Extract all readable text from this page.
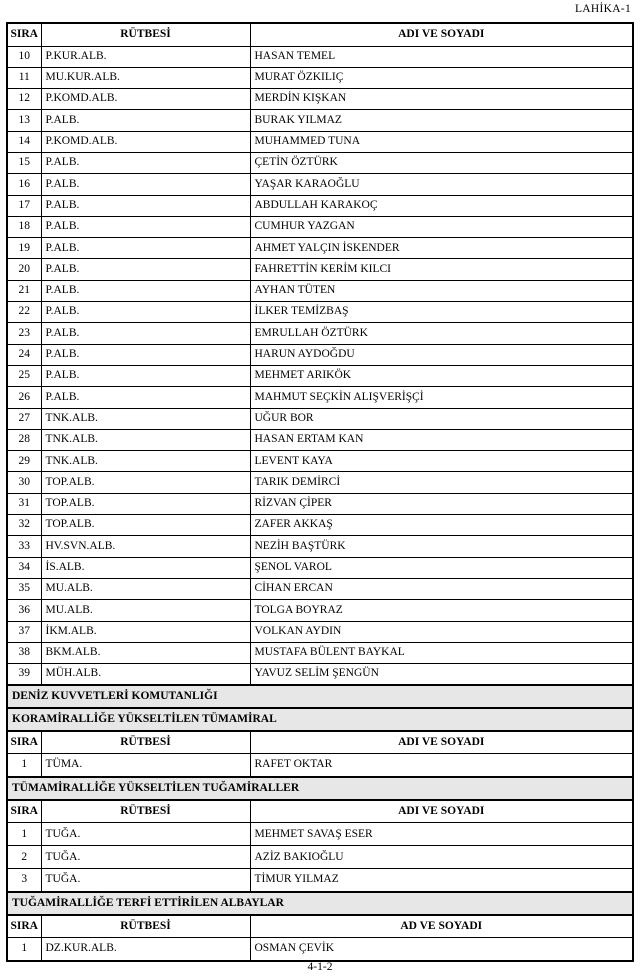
LAHİKA-1
SIRA	RÜTBESİ	ADI VE SOYADI
10	P.KUR.ALB.	HASAN TEMEL
11	MU.KUR.ALB.	MURAT ÖZKILIÇ
12	P.KOMD.ALB.	MERDİN KIŞKAN
13	P.ALB.	BURAK YILMAZ
14	P.KOMD.ALB.	MUHAMMED TUNA
15	P.ALB.	ÇETİN ÖZTÜRK
16	P.ALB.	YAŞAR KARAOĞLU
17	P.ALB.	ABDULLAH KARAKOÇ
18	P.ALB.	CUMHUR YAZGAN
19	P.ALB.	AHMET YALÇIN İSKENDER
20	P.ALB.	FAHRETTİN KERİM KILCI
21	P.ALB.	AYHAN TÜTEN
22	P.ALB.	İLKER TEMİZBAŞ
23	P.ALB.	EMRULLAH ÖZTÜRK
24	P.ALB.	HARUN AYDOĞDU
25	P.ALB.	MEHMET ARIKÖK
26	P.ALB.	MAHMUT SEÇKİN ALIŞVERİŞÇİ
27	TNK.ALB.	UĞUR BOR
28	TNK.ALB.	HASAN ERTAM KAN
29	TNK.ALB.	LEVENT KAYA
30	TOP.ALB.	TARIK DEMİRCİ
31	TOP.ALB.	RİZVAN ÇİPER
32	TOP.ALB.	ZAFER AKKAŞ
33	HV.SVN.ALB.	NEZİH BAŞTÜRK
34	İS.ALB.	ŞENOL VAROL
35	MU.ALB.	CİHAN ERCAN
36	MU.ALB.	TOLGA BOYRAZ
37	İKM.ALB.	VOLKAN AYDIN
38	BKM.ALB.	MUSTAFA BÜLENT BAYKAL
39	MÜH.ALB.	YAVUZ SELİM ŞENGÜN
DENİZ KUVVETLERİ KOMUTANLIĞI		
KORAMİRALLİĞE YÜKSELTİLEN TÜMAMİRAL		
SIRA	RÜTBESİ	ADI VE SOYADI
1	TÜMA.	RAFET OKTAR
TÜMAMİRALLİĞE YÜKSELTİLEN TUĞAMİRALLER		
SIRA	RÜTBESİ	ADI VE SOYADI
1	TUĞA.	MEHMET SAVAŞ ESER
2	TUĞA.	AZİZ BAKIOĞLU
3	TUĞA.	TİMUR YILMAZ
TUĞAMİRALLİĞE TERFİ ETTİRİLEN ALBAYLAR		
SIRA	RÜTBESİ	AD VE SOYADI
1	DZ.KUR.ALB.	OSMAN ÇEVİK
4-1-2
